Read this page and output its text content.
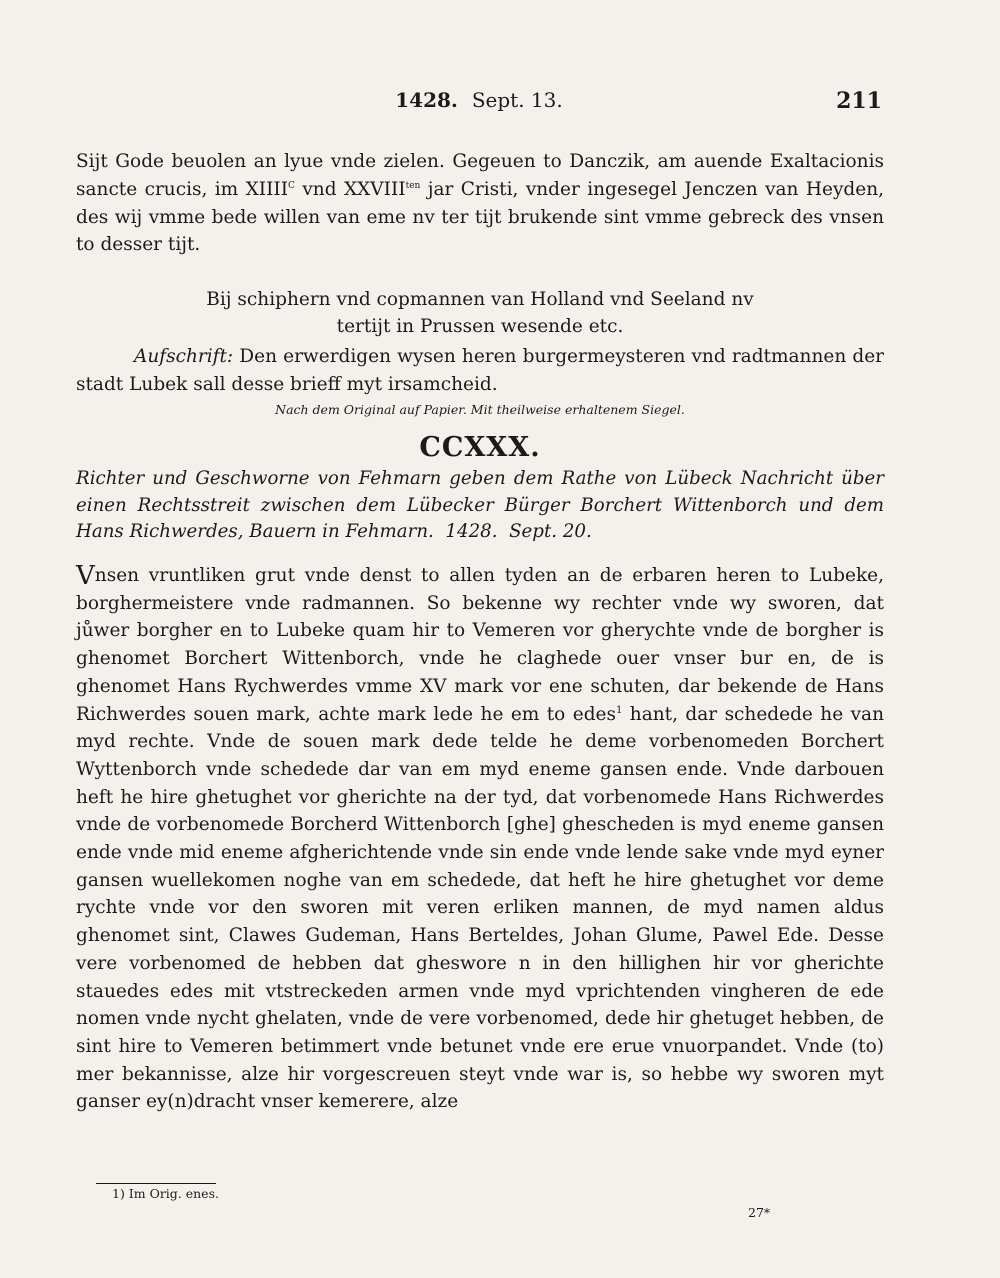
1428. Sept. 13.	211

Sijt Gode beuolen an lyue vnde zielen. Gegeuen to Danczik, am auende Exaltacionis sancte crucis, im $XIIII^C$ vnd $XXVIII^{ten}$ jar Cristi, vnder ingesegel Jenczen van Heyden, des wij vmme bede willen van eme nv ter tijt brukende sint vmme gebreck des vnsen to desser tijt.

Bij schiphern vnd copmannen van Holland vnd Seeland nv

tertijt in Prussen wesende etc.

Aufschrift: Den erwerdigen wysen heren burgermeysteren vnd radtmannen der stadt Lubek sall desse brieff myt irsamcheid.

Nach dem Original auf Papier. Mit theilweise erhaltenem Siegel.

CCXXX.

Richter und Geschworne von Fehmarn geben dem Rathe von Lübeck Nachricht über einen Rechtsstreit zwischen dem Lübecker Bürger Borchert Wittenborch und dem Hans Richwerdes, Bauern in Fehmarn. 1428. Sept. 20.

Vnsen vruntliken grut vnde denst to allen tyden an de erbaren heren to Lubeke, borghermeistere vnde radmannen. So bekenne wy rechter vnde wy sworen, dat jůwer borgher en to Lubeke quam hir to Vemeren vor gherychte vnde de borgher is ghenomet Borchert Wittenborch, vnde he claghede ouer vnser bur en, de is ghenomet Hans Rychwerdes vmme XV mark vor ene schuten, dar bekende de Hans Richwerdes souen mark, achte mark lede he em to edes$^1$ hant, dar schedede he van myd rechte. Vnde de souen mark dede telde he deme vorbenomeden Borchert Wyttenborch vnde schedede dar van em myd eneme gansen ende. Vnde darbouen heft he hire ghetughet vor gherichte na der tyd, dat vorbenomede Hans Richwerdes vnde de vorbenomede Borcherd Wittenborch [ghe] ghescheden is myd eneme gansen ende vnde mid eneme afgherichtende vnde sin ende vnde lende sake vnde myd eyner gansen wuellekomen noghe van em schedede, dat heft he hire ghetughet vor deme rychte vnde vor den sworen mit veren erliken mannen, de myd namen aldus ghenomet sint, Clawes Gudeman, Hans Berteldes, Johan Glume, Pawel Ede. Desse vere vorbenomed de hebben dat gheswore n in den hillighen hir vor gherichte stauedes edes mit vtstreckeden armen vnde myd vprichtenden vingheren de ede nomen vnde nycht ghelaten, vnde de vere vorbenomed, dede hir ghetuget hebben, de sint hire to Vemeren betimmert vnde betunet vnde ere erue vnuorpandet. Vnde (to) mer bekannisse, alze hir vorgescreuen steyt vnde war is, so hebbe wy sworen myt ganser ey(n)dracht vnser kemerere, alze

1) Im Orig. enes.
27*
